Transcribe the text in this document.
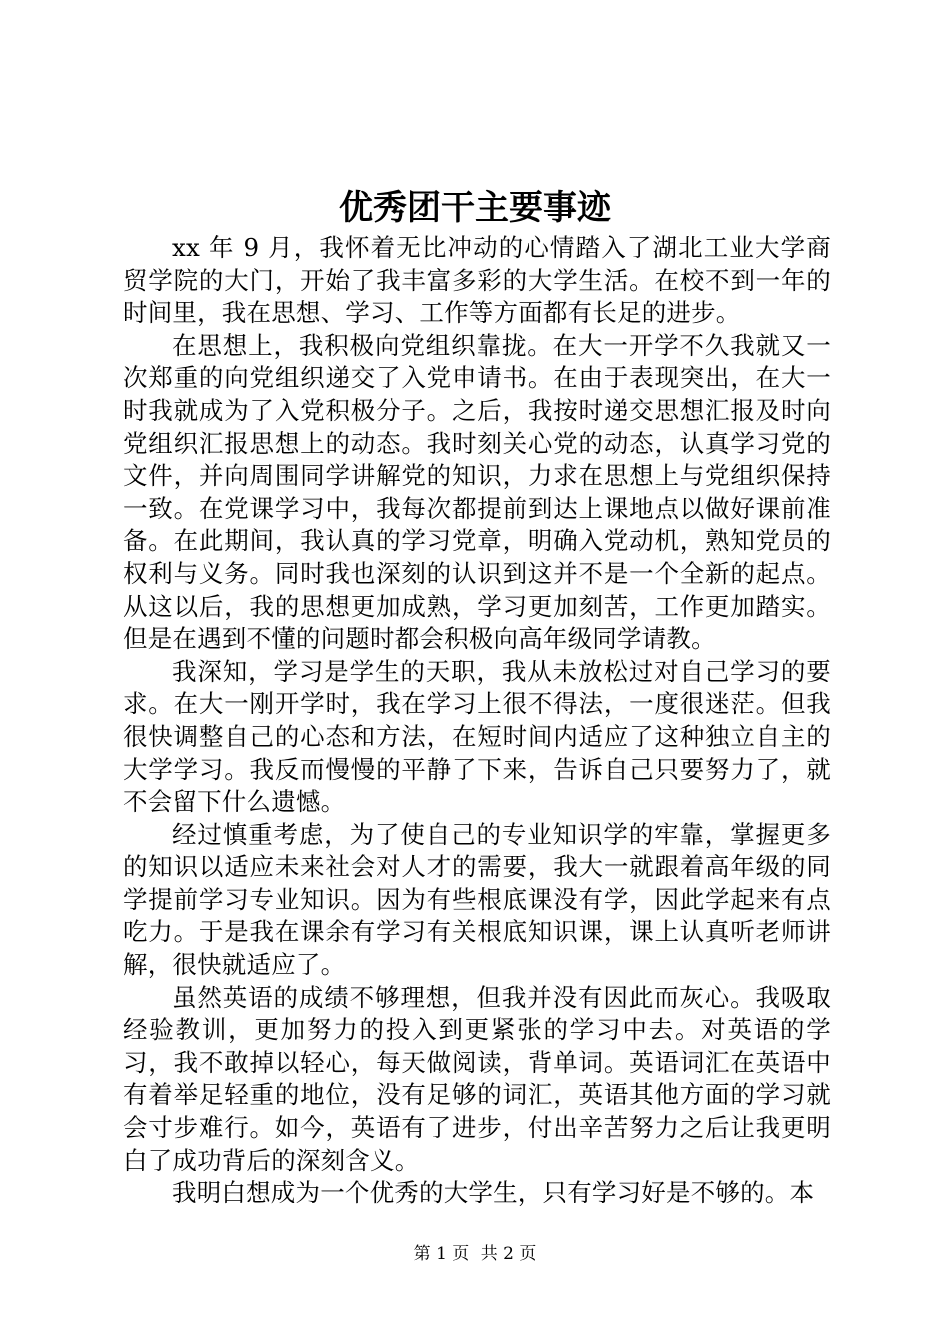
优秀团干主要事迹

xx 年 9 月，我怀着无比冲动的心情踏入了湖北工业大学商贸学院的大门，开始了我丰富多彩的大学生活。在校不到一年的时间里，我在思想、学习、工作等方面都有长足的进步。

在思想上，我积极向党组织靠拢。在大一开学不久我就又一次郑重的向党组织递交了入党申请书。在由于表现突出，在大一时我就成为了入党积极分子。之后，我按时递交思想汇报及时向党组织汇报思想上的动态。我时刻关心党的动态，认真学习党的文件，并向周围同学讲解党的知识，力求在思想上与党组织保持一致。在党课学习中，我每次都提前到达上课地点以做好课前准备。在此期间，我认真的学习党章，明确入党动机，熟知党员的权利与义务。同时我也深刻的认识到这并不是一个全新的起点。从这以后，我的思想更加成熟，学习更加刻苦，工作更加踏实。但是在遇到不懂的问题时都会积极向高年级同学请教。

我深知，学习是学生的天职，我从未放松过对自己学习的要求。在大一刚开学时，我在学习上很不得法，一度很迷茫。但我很快调整自己的心态和方法，在短时间内适应了这种独立自主的大学学习。我反而慢慢的平静了下来，告诉自己只要努力了，就不会留下什么遗憾。

经过慎重考虑，为了使自己的专业知识学的牢靠，掌握更多的知识以适应未来社会对人才的需要，我大一就跟着高年级的同学提前学习专业知识。因为有些根底课没有学，因此学起来有点吃力。于是我在课余有学习有关根底知识课，课上认真听老师讲解，很快就适应了。

虽然英语的成绩不够理想，但我并没有因此而灰心。我吸取经验教训，更加努力的投入到更紧张的学习中去。对英语的学习，我不敢掉以轻心，每天做阅读，背单词。英语词汇在英语中有着举足轻重的地位，没有足够的词汇，英语其他方面的学习就会寸步难行。如今，英语有了进步，付出辛苦努力之后让我更明白了成功背后的深刻含义。

我明白想成为一个优秀的大学生，只有学习好是不够的。本

第 1 页 共 2 页
